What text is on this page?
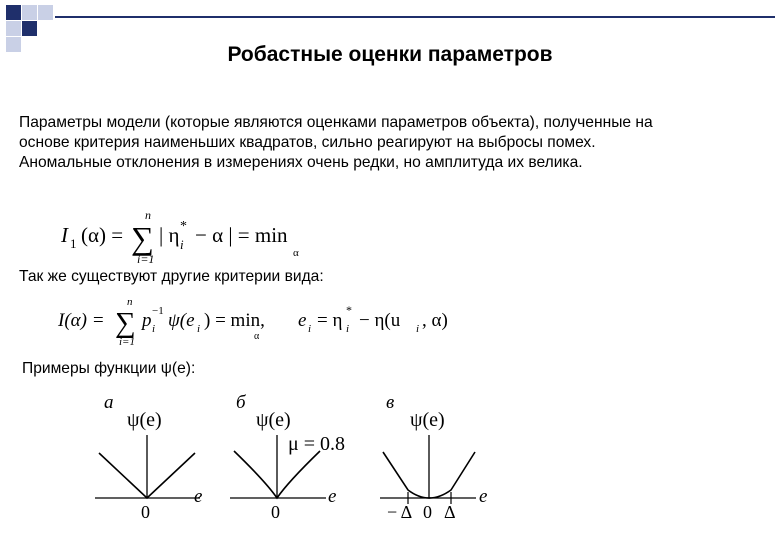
Робастные оценки параметров
Параметры модели (которые являются оценками параметров объекта), полученные на
основе критерия наименьших квадратов, сильно реагируют на выбросы помех.
Аномальные отклонения в измерениях очень редки, но амплитуда их велика.
I 1 (α) =
n
∑
i=1
| η i
* − α | = min
α
Так же существуют другие критерии вида:
I(α) =
n
∑
i=1
p i
−1 ψ(e i ) = min,
α
e i = η i
* − η(u i , α)
Примеры функции ψ(e):
а
ψ(e)
e
0
б
ψ(e)
μ = 0.8
e
0
в
ψ(e)
e
− Δ 0 Δ
